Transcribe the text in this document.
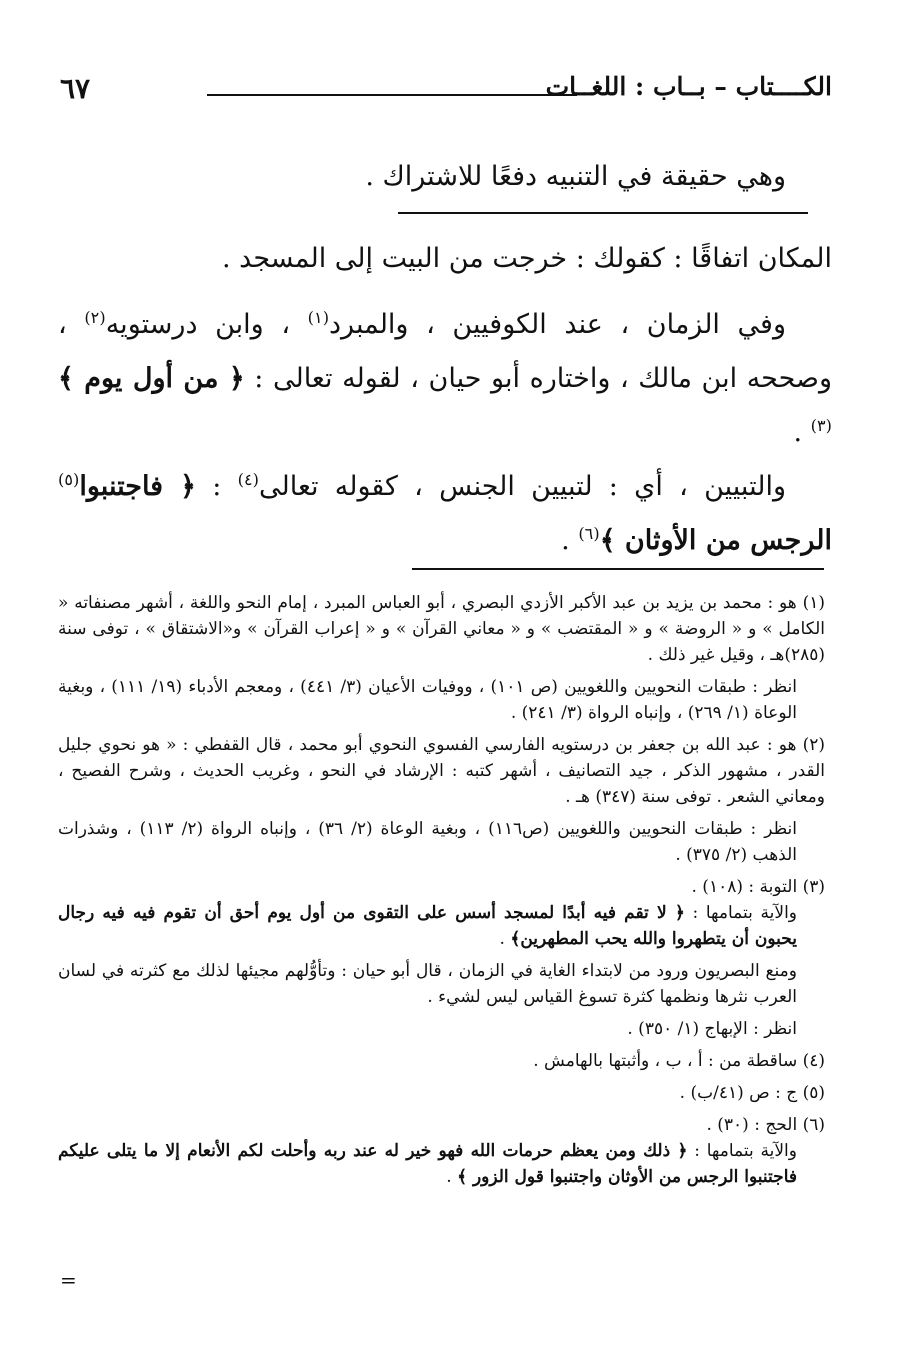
٦٧	الكــــتاب – بــاب : اللغــات

وهي حقيقة في التنبيه دفعًا للاشتراك .

المكان اتفاقًا : كقولك : خرجت من البيت إلى المسجد .

وفي الزمان ، عند الكوفيين ، والمبرد$^{(١)}$ ، وابن درستويه$^{(٢)}$ ، وصححه ابن مالك ، واختاره أبو حيان ، لقوله تعالى : ﴿ من أول يوم ﴾$^{(٣)}$ .

والتبيين ، أي : لتبيين الجنس ، كقوله تعالى$^{(٤)}$ : ﴿ فاجتنبوا$^{(٥)}$ الرجس من الأوثان ﴾$^{(٦)}$ .

(١) هو : محمد بن يزيد بن عبد الأكبر الأزدي البصري ، أبو العباس المبرد ، إمام النحو واللغة ، أشهر مصنفاته « الكامل » و « الروضة » و « المقتضب » و « معاني القرآن » و « إعراب القرآن » و«الاشتقاق » ، توفى سنة (٢٨٥)هـ ، وقيل غير ذلك .

انظر : طبقات النحويين واللغويين (ص ١٠١) ، ووفيات الأعيان (٣/ ٤٤١) ، ومعجم الأدباء (١٩/ ١١١) ، وبغية الوعاة (١/ ٢٦٩) ، وإنباه الرواة (٣/ ٢٤١) .

(٢) هو : عبد الله بن جعفر بن درستويه الفارسي الفسوي النحوي أبو محمد ، قال القفطي : « هو نحوي جليل القدر ، مشهور الذكر ، جيد التصانيف ، أشهر كتبه : الإرشاد في النحو ، وغريب الحديث ، وشرح الفصيح ، ومعاني الشعر . توفى سنة (٣٤٧) هـ .

انظر : طبقات النحويين واللغويين (ص١١٦) ، وبغية الوعاة (٢/ ٣٦) ، وإنباه الرواة (٢/ ١١٣) ، وشذرات الذهب (٢/ ٣٧٥) .

(٣) التوبة : (١٠٨) .

والآية بتمامها : ﴿ لا تقم فيه أبدًا لمسجد أسس على التقوى من أول يوم أحق أن تقوم فيه فيه رجال يحبون أن يتطهروا والله يحب المطهرين﴾ .

ومنع البصريون ورود من لابتداء الغاية في الزمان ، قال أبو حيان : وتأوُّلهم مجيئها لذلك مع كثرته في لسان العرب نثرها ونظمها كثرة تسوغ القياس ليس لشيء .

انظر : الإبهاج (١/ ٣٥٠) .

(٤) ساقطة من : أ ، ب ، وأثبتها بالهامش .

(٥) ج : ص (٤١/ب) .

(٦) الحج : (٣٠) .

والآية بتمامها : ﴿ ذلك ومن يعظم حرمات الله فهو خير له عند ربه وأحلت لكم الأنعام إلا ما يتلى عليكم فاجتنبوا الرجس من الأوثان واجتنبوا قول الزور ﴾ .

=
